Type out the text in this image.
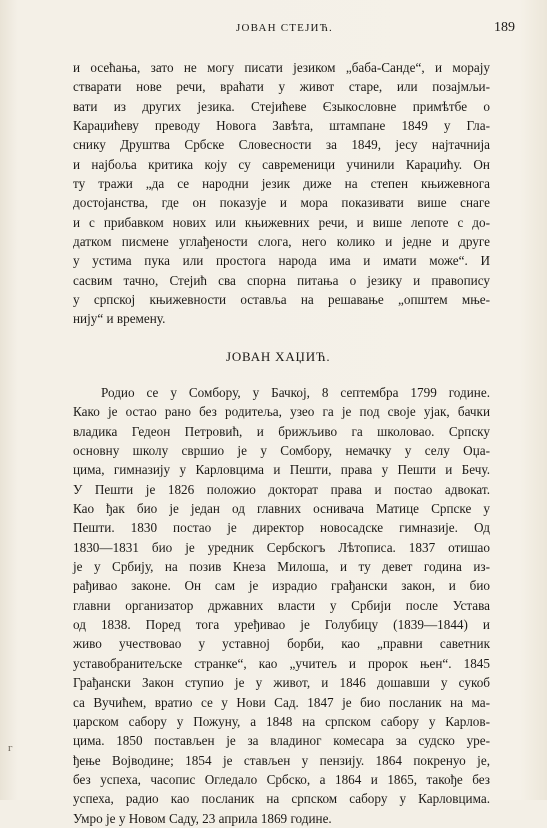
ЈОВАН СТЕЈИЋ.	189
и осећања, зато не могу писати језиком „баба-Санде“, и морају
стварати нове речи, враћати у живот старе, или позајмљи-
вати из других језика. Стејићеве Єзыкословне примѣтбе о
Караџићеву преводу Новога Завѣта, штампане 1849 у Гла-
снику Друштва Србске Словесности за 1849, јесу најтачнија
и најбоља критика коју су савременици учинили Караџићу. Он
ту тражи „да се народни језик диже на степен књижевнога
достојанства, где он показује и мора показивати више снаге
и с прибавком нових или књижевних речи, и више лепоте с до-
датком писмене углађености слога, него колико и једне и друге
у устима пука или простога народа има и имати може“. И
сасвим тачно, Стејић сва спорна питања о језику и правопису
у српској књижевности оставља на решавање „општем мње-
нију“ и времену.
ЈОВАН ХАЏИЋ.
Родио се у Сомбору, у Бачкој, 8 септембра 1799 године.
Како је остао рано без родитеља, узео га је под своје ујак, бачки
владика Гедеон Петровић, и брижљиво га школовао. Српску
основну школу свршио је у Сомбору, немачку у селу Оџа-
цима, гимназију у Карловцима и Пешти, права у Пешти и Бечу.
У Пешти је 1826 положио докторат права и постао адвокат.
Као ђак био је један од главних оснивача Матице Српске у
Пешти. 1830 постао је директор новосадске гимназије. Од
1830—1831 био је уредник Сербскогъ Лѣтописа. 1837 отишао
је у Србију, на позив Кнеза Милоша, и ту девет година из-
рађивао законе. Он сам је израдио грађански закон, и био
главни организатор државних власти у Србији после Устава
од 1838. Поред тога уређивао је Голубицу (1839—1844) и
живо учествовао у уставној борби, као „правни саветник
уставобранитељске странке“, као „учитељ и пророк њен“. 1845
Грађански Закон ступио је у живот, и 1846 дошавши у сукоб
са Вучићем, вратио се у Нови Сад. 1847 је био посланик на ма-
џарском сабору у Пожуну, а 1848 на српском сабору у Карлов-
цима. 1850 постављен је за владиног комесара за судско уре-
ђење Војводине; 1854 је стављен у пензију. 1864 покренуо је,
без успеха, часопис Огледало Србско, а 1864 и 1865, такође без
успеха, радио као посланик на српском сабору у Карловцима.
Умро је у Новом Саду, 23 априла 1869 године.
г
